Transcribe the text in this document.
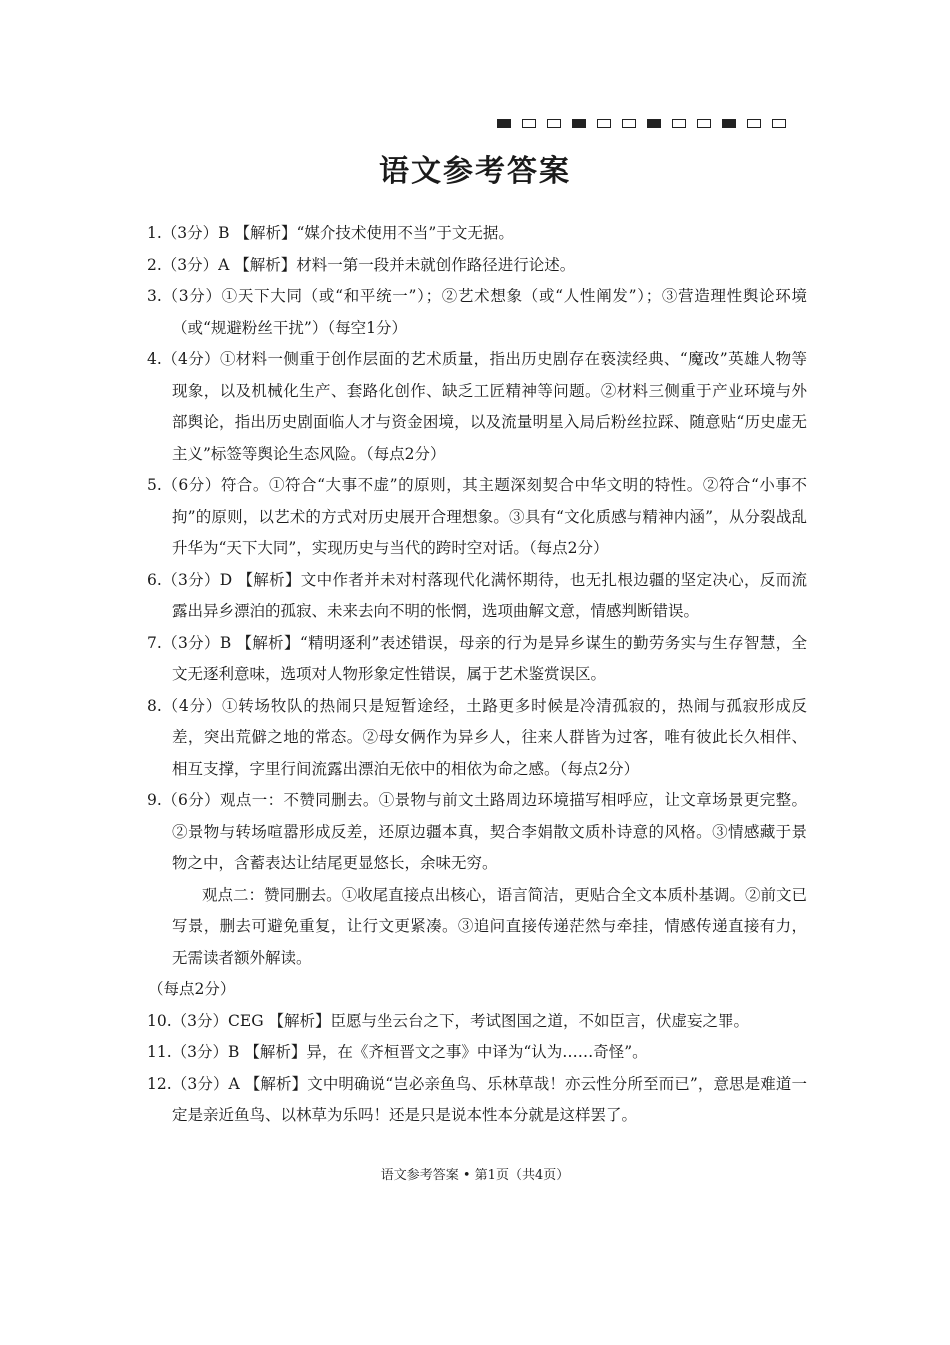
语文参考答案

1.（3分）B 【解析】“媒介技术使用不当”于文无据。

2.（3分）A 【解析】材料一第一段并未就创作路径进行论述。

3.（3分）①天下大同（或“和平统一”）；②艺术想象（或“人性阐发”）；③营造理性舆论环境（或“规避粉丝干扰”）（每空1分）

4.（4分）①材料一侧重于创作层面的艺术质量，指出历史剧存在亵渎经典、“魔改”英雄人物等现象，以及机械化生产、套路化创作、缺乏工匠精神等问题。②材料三侧重于产业环境与外部舆论，指出历史剧面临人才与资金困境，以及流量明星入局后粉丝拉踩、随意贴“历史虚无主义”标签等舆论生态风险。（每点2分）

5.（6分）符合。①符合“大事不虚”的原则，其主题深刻契合中华文明的特性。②符合“小事不拘”的原则，以艺术的方式对历史展开合理想象。③具有“文化质感与精神内涵”，从分裂战乱升华为“天下大同”，实现历史与当代的跨时空对话。（每点2分）

6.（3分）D 【解析】文中作者并未对村落现代化满怀期待，也无扎根边疆的坚定决心，反而流露出异乡漂泊的孤寂、未来去向不明的怅惘，选项曲解文意，情感判断错误。

7.（3分）B 【解析】“精明逐利”表述错误，母亲的行为是异乡谋生的勤劳务实与生存智慧，全文无逐利意味，选项对人物形象定性错误，属于艺术鉴赏误区。

8.（4分）①转场牧队的热闹只是短暂途经，土路更多时候是冷清孤寂的，热闹与孤寂形成反差，突出荒僻之地的常态。②母女俩作为异乡人，往来人群皆为过客，唯有彼此长久相伴、相互支撑，字里行间流露出漂泊无依中的相依为命之感。（每点2分）

9.（6分）观点一：不赞同删去。①景物与前文土路周边环境描写相呼应，让文章场景更完整。②景物与转场喧嚣形成反差，还原边疆本真，契合李娟散文质朴诗意的风格。③情感藏于景物之中，含蓄表达让结尾更显悠长，余味无穷。

观点二：赞同删去。①收尾直接点出核心，语言简洁，更贴合全文本质朴基调。②前文已写景，删去可避免重复，让行文更紧凑。③追问直接传递茫然与牵挂，情感传递直接有力，无需读者额外解读。

（每点2分）

10.（3分）CEG 【解析】臣愿与坐云台之下，考试图国之道，不如臣言，伏虚妄之罪。

11.（3分）B 【解析】异，在《齐桓晋文之事》中译为“认为……奇怪”。

12.（3分）A 【解析】文中明确说“岂必亲鱼鸟、乐林草哉！亦云性分所至而已”，意思是难道一定是亲近鱼鸟、以林草为乐吗！还是只是说本性本分就是这样罢了。

语文参考答案 • 第1页（共4页）
